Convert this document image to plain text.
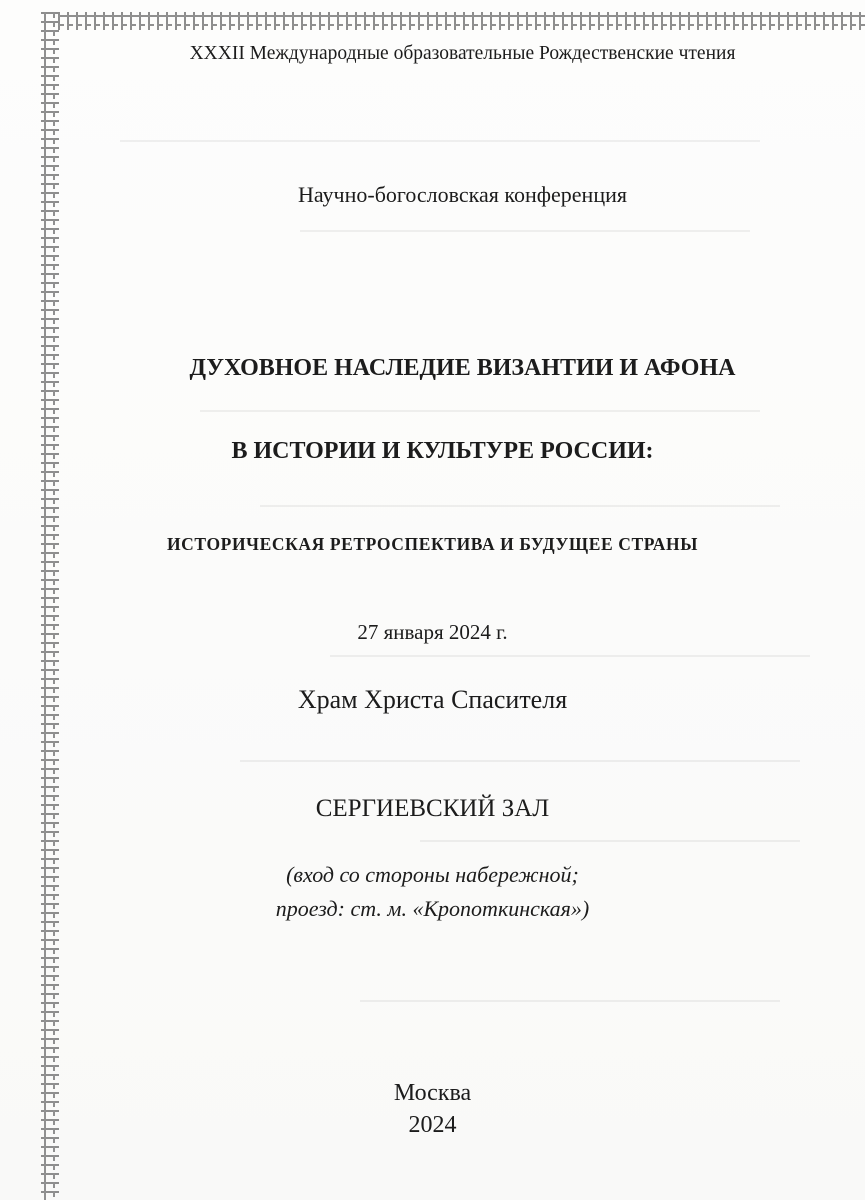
XXXII Международные образовательные Рождественские чтения
Научно-богословская конференция
ДУХОВНОЕ НАСЛЕДИЕ ВИЗАНТИИ И АФОНА
В ИСТОРИИ И КУЛЬТУРЕ РОССИИ:
ИСТОРИЧЕСКАЯ РЕТРОСПЕКТИВА И БУДУЩЕЕ СТРАНЫ
27 января 2024 г.
Храм Христа Спасителя
СЕРГИЕВСКИЙ ЗАЛ
(вход со стороны набережной;
проезд: ст. м. «Кропоткинская»)
Москва
2024
